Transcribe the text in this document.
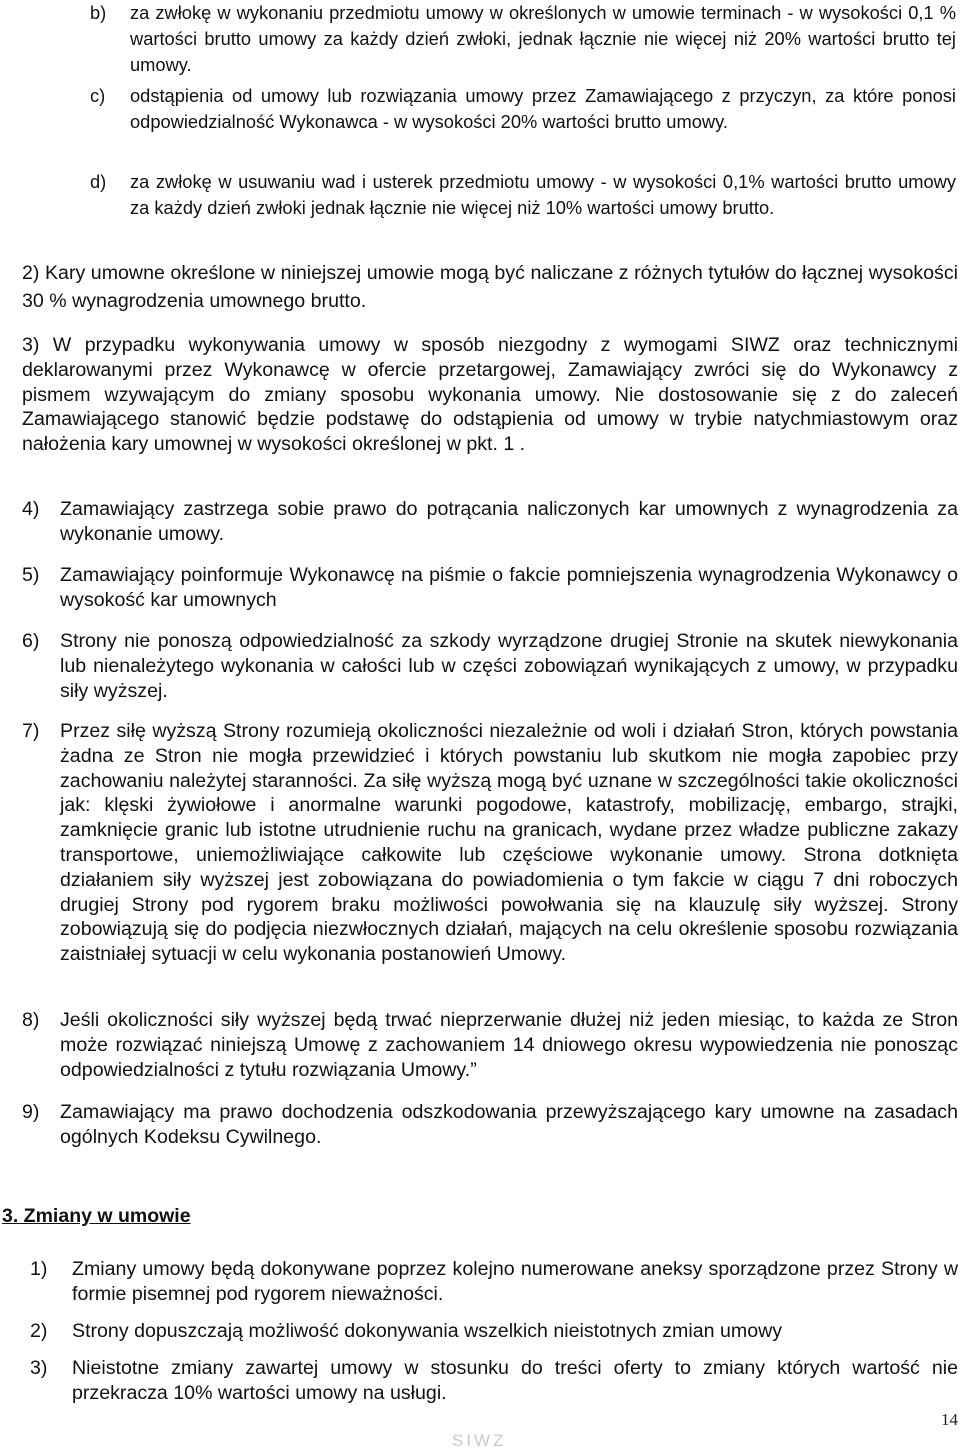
b) za zwłokę w wykonaniu przedmiotu umowy w określonych w umowie terminach - w wysokości 0,1 % wartości brutto umowy za każdy dzień zwłoki, jednak łącznie nie więcej niż 20% wartości brutto tej umowy.
c) odstąpienia od umowy lub rozwiązania umowy przez Zamawiającego z przyczyn, za które ponosi odpowiedzialność Wykonawca - w wysokości 20% wartości brutto umowy.
d) za zwłokę w usuwaniu wad i usterek przedmiotu umowy - w wysokości 0,1% wartości brutto umowy za każdy dzień zwłoki jednak łącznie nie więcej niż 10% wartości umowy brutto.
2) Kary umowne określone w niniejszej umowie mogą być naliczane z różnych tytułów do łącznej wysokości 30 % wynagrodzenia umownego brutto.
3) W przypadku wykonywania umowy w sposób niezgodny z wymogami SIWZ oraz technicznymi deklarowanymi przez Wykonawcę w ofercie przetargowej, Zamawiający zwróci się do Wykonawcy z pismem wzywającym do zmiany sposobu wykonania umowy. Nie dostosowanie się z do zaleceń Zamawiającego stanowić będzie podstawę do odstąpienia od umowy w trybie natychmiastowym oraz nałożenia kary umownej w wysokości określonej w pkt. 1 .
4) Zamawiający zastrzega sobie prawo do potrącania naliczonych kar umownych z wynagrodzenia za wykonanie umowy.
5) Zamawiający poinformuje Wykonawcę na piśmie o fakcie pomniejszenia wynagrodzenia Wykonawcy o wysokość kar umownych
6) Strony nie ponoszą odpowiedzialność za szkody wyrządzone drugiej Stronie na skutek niewykonania lub nienależytego wykonania w całości lub w części zobowiązań wynikających z umowy, w przypadku siły wyższej.
7) Przez siłę wyższą Strony rozumieją okoliczności niezależnie od woli i działań Stron, których powstania żadna ze Stron nie mogła przewidzieć i których powstaniu lub skutkom nie mogła zapobiec przy zachowaniu należytej staranności. Za siłę wyższą mogą być uznane w szczególności takie okoliczności jak: klęski żywiołowe i anormalne warunki pogodowe, katastrofy, mobilizację, embargo, strajki, zamknięcie granic lub istotne utrudnienie ruchu na granicach, wydane przez władze publiczne zakazy transportowe, uniemożliwiające całkowite lub częściowe wykonanie umowy. Strona dotknięta działaniem siły wyższej jest zobowiązana do powiadomienia o tym fakcie w ciągu 7 dni roboczych drugiej Strony pod rygorem braku możliwości powołwania się na klauzulę siły wyższej. Strony zobowiązują się do podjęcia niezwłocznych działań, mających na celu określenie sposobu rozwiązania zaistniałej sytuacji w celu wykonania postanowień Umowy.
8) Jeśli okoliczności siły wyższej będą trwać nieprzerwanie dłużej niż jeden miesiąc, to każda ze Stron może rozwiązać niniejszą Umowę z zachowaniem 14 dniowego okresu wypowiedzenia nie ponosząc odpowiedzialności z tytułu rozwiązania Umowy.”
9) Zamawiający ma prawo dochodzenia odszkodowania przewyższającego kary umowne na zasadach ogólnych Kodeksu Cywilnego.
3. Zmiany w umowie
1) Zmiany umowy będą dokonywane poprzez kolejno numerowane aneksy sporządzone przez Strony w formie pisemnej pod rygorem nieważności.
2) Strony dopuszczają możliwość dokonywania wszelkich nieistotnych zmian umowy
3) Nieistotne zmiany zawartej umowy w stosunku do treści oferty to zmiany których wartość nie przekracza 10% wartości umowy na usługi.
14
SIWZ
